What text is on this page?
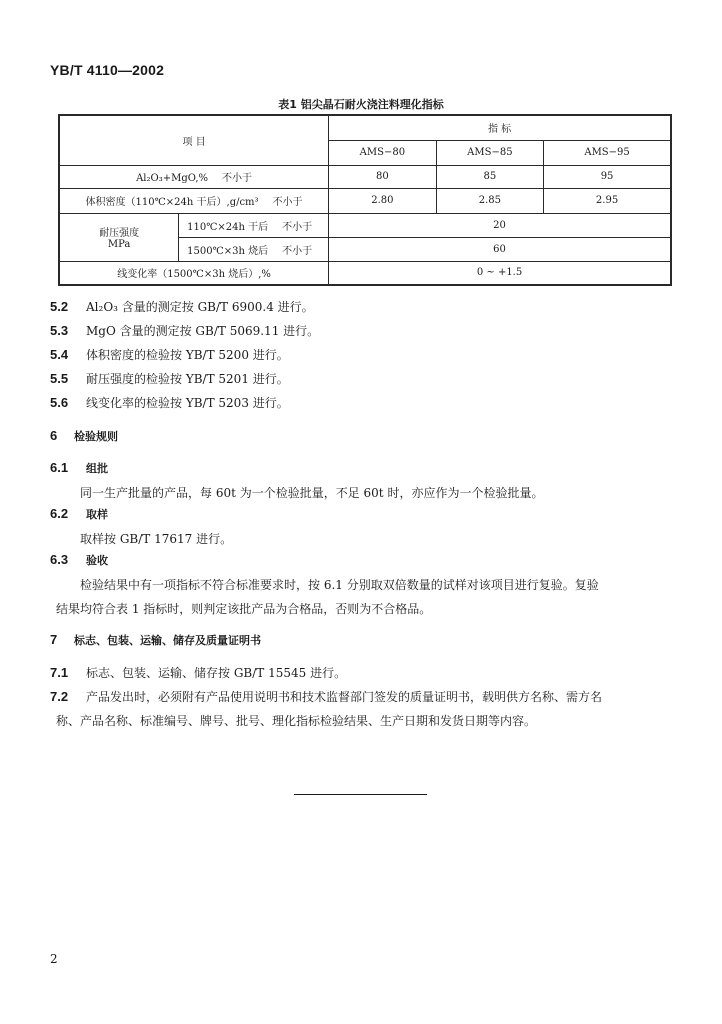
YB/T 4110—2002
表1 铝尖晶石耐火浇注料理化指标
项 目		指 标		
		AMS−80	AMS−85	AMS−95
Al₂O₃+MgO,% 不小于		80	85	95
体积密度（110℃×24h 干后）,g/cm³ 不小于		2.80	2.85	2.95

耐压强度
MPa	110℃×24h 干后 不小于	20		
	1500℃×3h 烧后 不小于	60		
线变化率（1500℃×3h 烧后）,%		0 ~ +1.5		
5.2 Al₂O₃ 含量的测定按 GB/T 6900.4 进行。
5.3 MgO 含量的测定按 GB/T 5069.11 进行。
5.4 体积密度的检验按 YB/T 5200 进行。
5.5 耐压强度的检验按 YB/T 5201 进行。
5.6 线变化率的检验按 YB/T 5203 进行。
6 检验规则
6.1 组批
同一生产批量的产品，每 60t 为一个检验批量，不足 60t 时，亦应作为一个检验批量。
6.2 取样
取样按 GB/T 17617 进行。
6.3 验收
检验结果中有一项指标不符合标准要求时，按 6.1 分别取双倍数量的试样对该项目进行复验。复验
结果均符合表 1 指标时，则判定该批产品为合格品，否则为不合格品。
7 标志、包装、运输、储存及质量证明书
7.1 标志、包装、运输、储存按 GB/T 15545 进行。
7.2 产品发出时，必须附有产品使用说明书和技术监督部门签发的质量证明书，载明供方名称、需方名
称、产品名称、标准编号、牌号、批号、理化指标检验结果、生产日期和发货日期等内容。
2
